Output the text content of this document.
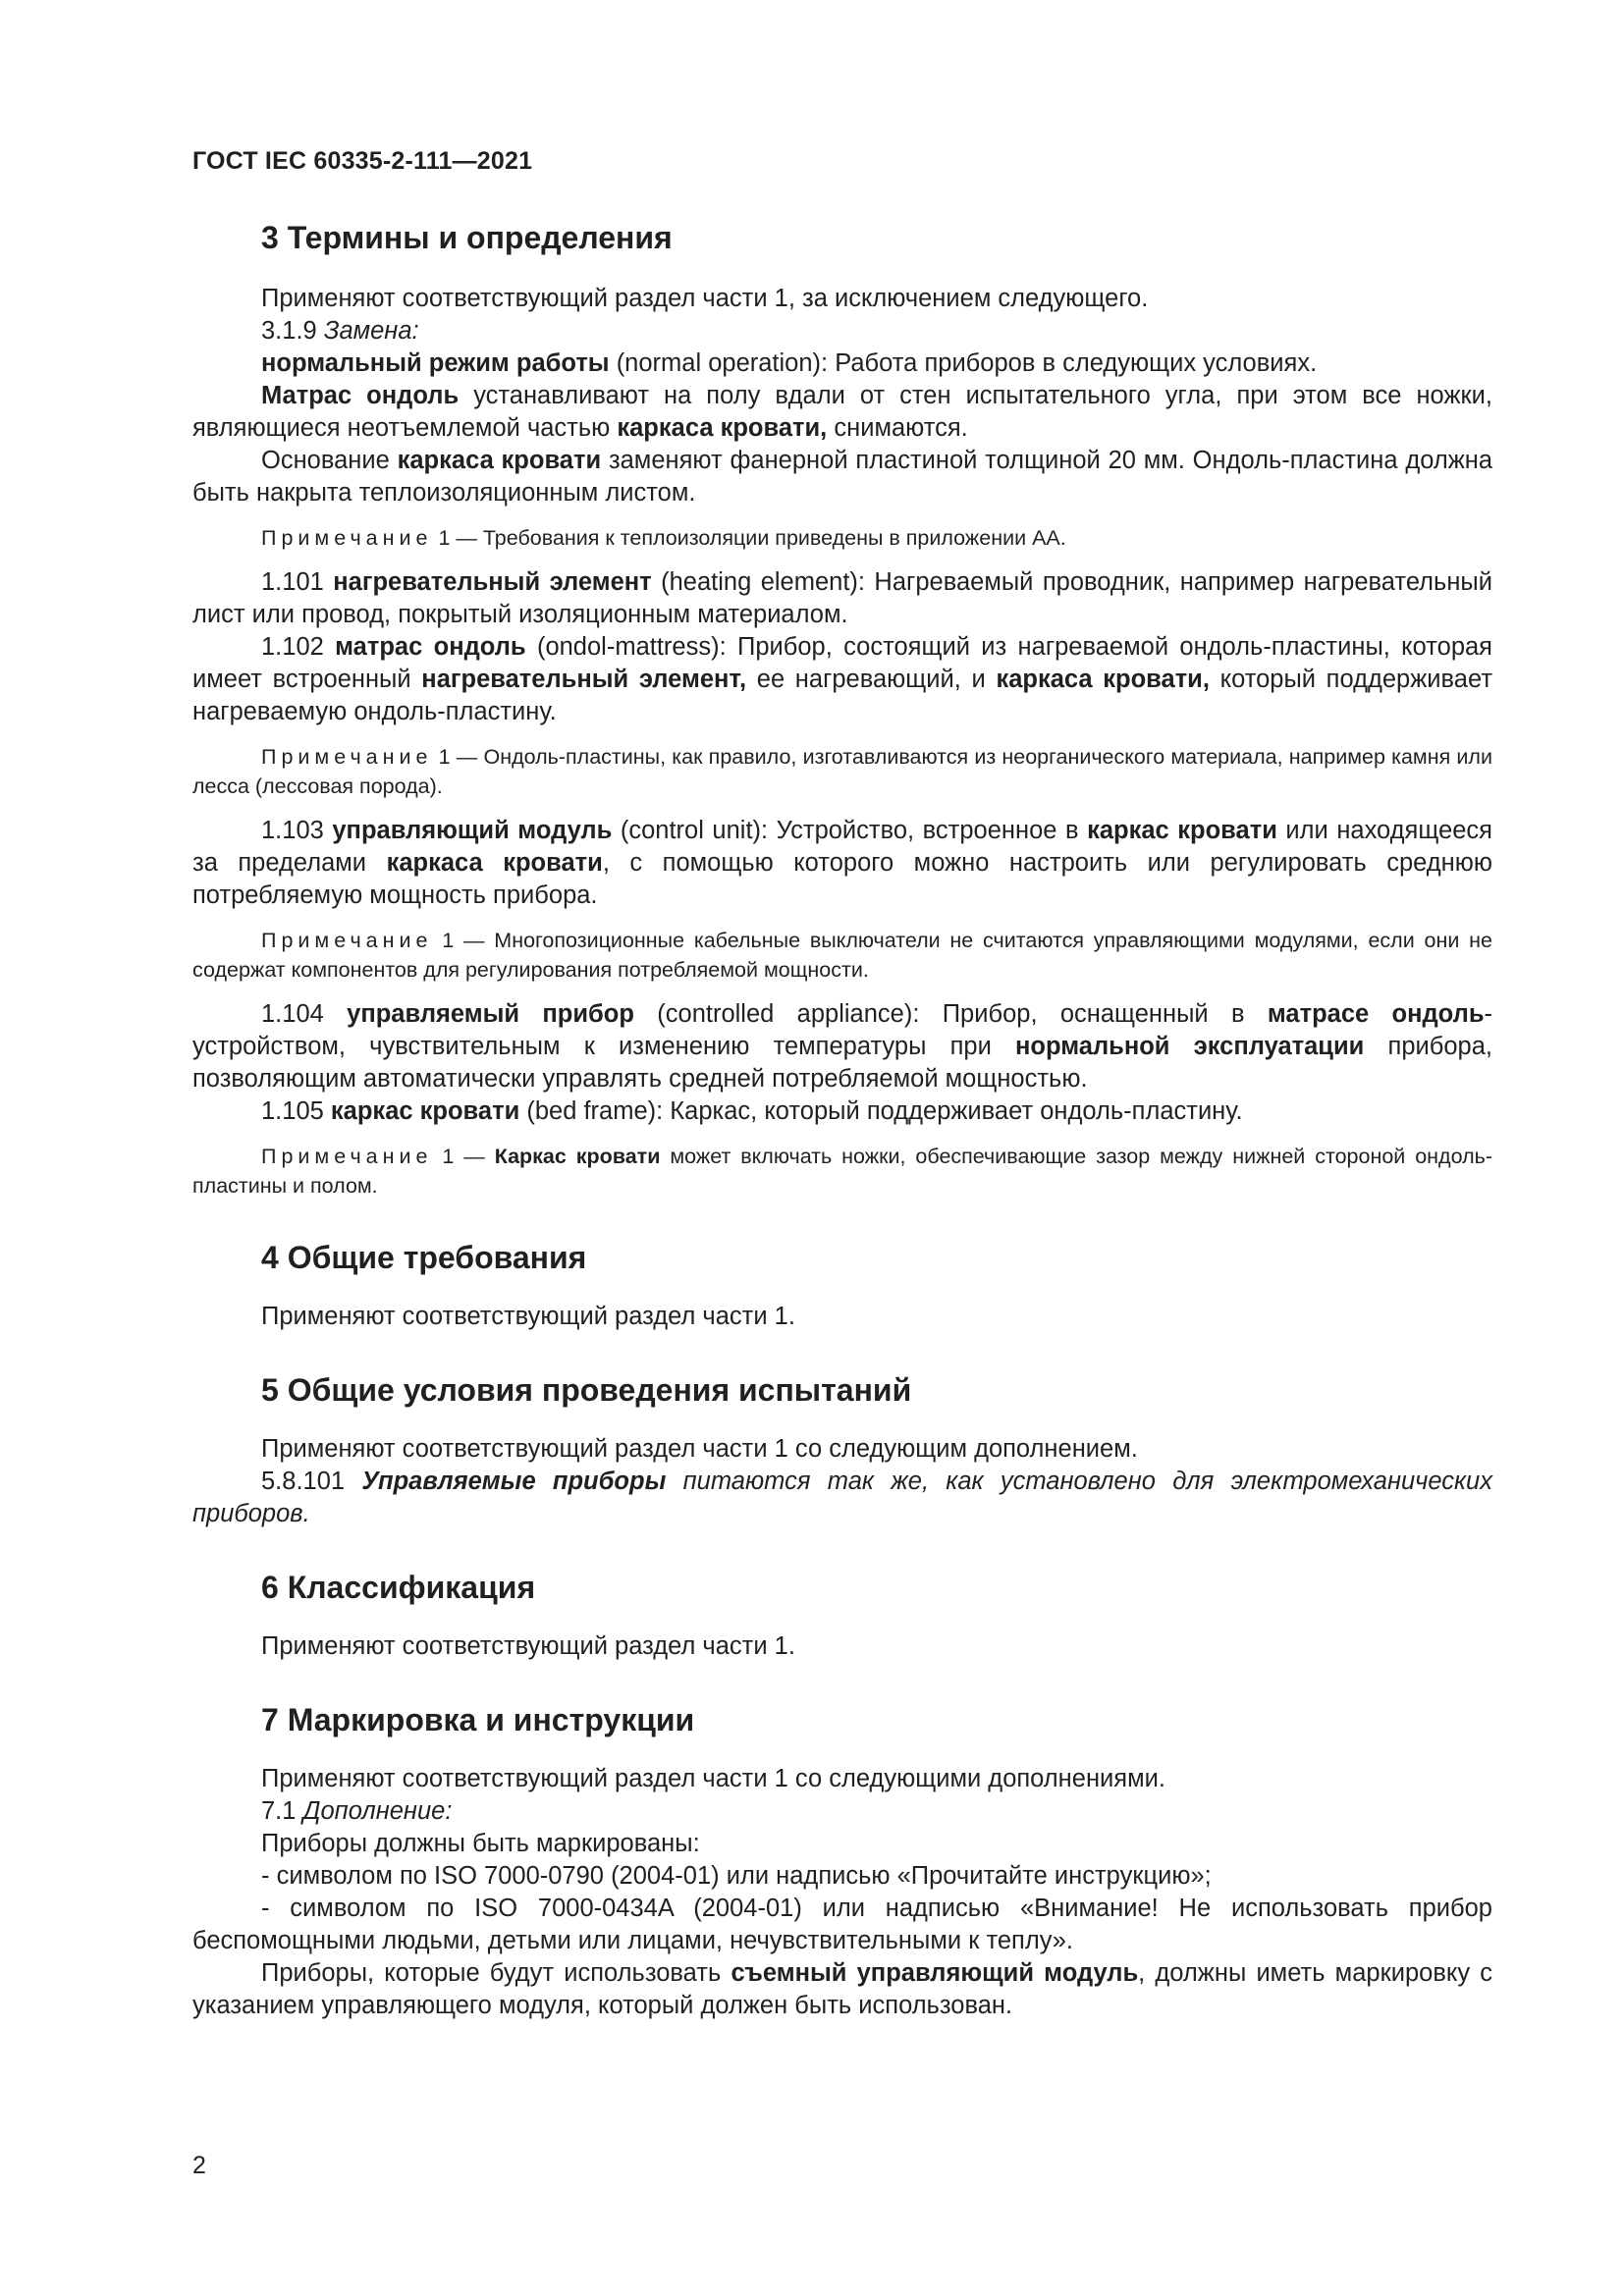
ГОСТ IEC 60335-2-111—2021
3 Термины и определения

Применяют соответствующий раздел части 1, за исключением следующего.

3.1.9 Замена:

нормальный режим работы (normal operation): Работа приборов в следующих условиях.

Матрас ондоль устанавливают на полу вдали от стен испытательного угла, при этом все ножки, являющиеся неотъемлемой частью каркаса кровати, снимаются.

Основание каркаса кровати заменяют фанерной пластиной толщиной 20 мм. Ондоль-пластина должна быть накрыта теплоизоляционным листом.

Примечание 1 — Требования к теплоизоляции приведены в приложении АА.

1.101 нагревательный элемент (heating element): Нагреваемый проводник, например нагревательный лист или провод, покрытый изоляционным материалом.

1.102 матрас ондоль (ondol-mattress): Прибор, состоящий из нагреваемой ондоль-пластины, которая имеет встроенный нагревательный элемент, ее нагревающий, и каркаса кровати, который поддерживает нагреваемую ондоль-пластину.

Примечание 1 — Ондоль-пластины, как правило, изготавливаются из неорганического материала, например камня или лесса (лессовая порода).

1.103 управляющий модуль (control unit): Устройство, встроенное в каркас кровати или находящееся за пределами каркаса кровати, с помощью которого можно настроить или регулировать среднюю потребляемую мощность прибора.

Примечание 1 — Многопозиционные кабельные выключатели не считаются управляющими модулями, если они не содержат компонентов для регулирования потребляемой мощности.

1.104 управляемый прибор (controlled appliance): Прибор, оснащенный в матрасе ондоль-устройством, чувствительным к изменению температуры при нормальной эксплуатации прибора, позволяющим автоматически управлять средней потребляемой мощностью.

1.105 каркас кровати (bed frame): Каркас, который поддерживает ондоль-пластину.

Примечание 1 — Каркас кровати может включать ножки, обеспечивающие зазор между нижней стороной ондоль-пластины и полом.

4 Общие требования

Применяют соответствующий раздел части 1.

5 Общие условия проведения испытаний

Применяют соответствующий раздел части 1 со следующим дополнением.

5.8.101 Управляемые приборы питаются так же, как установлено для электромеханических приборов.

6 Классификация

Применяют соответствующий раздел части 1.

7 Маркировка и инструкции

Применяют соответствующий раздел части 1 со следующими дополнениями.

7.1 Дополнение:

Приборы должны быть маркированы:

- символом по ISO 7000-0790 (2004-01) или надписью «Прочитайте инструкцию»;

- символом по ISO 7000-0434A (2004-01) или надписью «Внимание! Не использовать прибор беспомощными людьми, детьми или лицами, нечувствительными к теплу».

Приборы, которые будут использовать съемный управляющий модуль, должны иметь маркировку с указанием управляющего модуля, который должен быть использован.

2
